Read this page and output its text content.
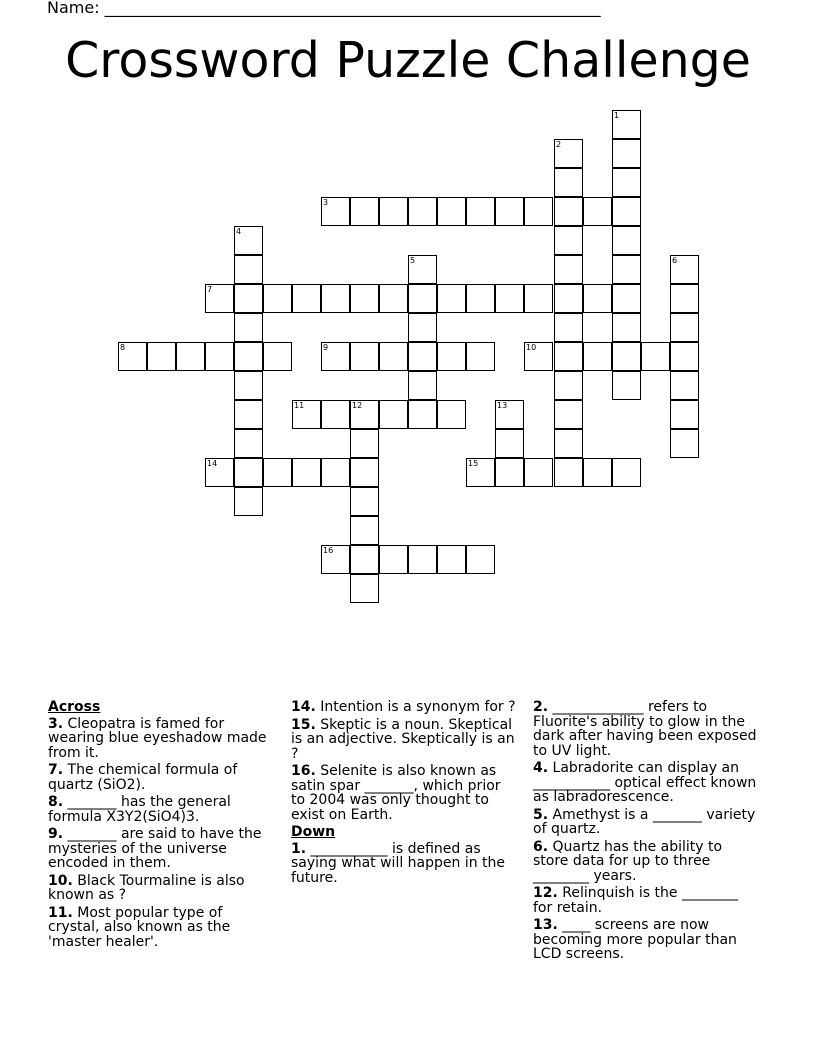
Name: ______________________________________________________________
Crossword Puzzle Challenge
1
2
3
4
5	6
7
8	9	10
11	12	13
14	15
16
Across
3. Cleopatra is famed for wearing blue eyeshadow made from it.
7. The chemical formula of quartz (SiO2).
8. _______ has the general formula X3Y2(SiO4)3.
9. _______ are said to have the mysteries of the universe encoded in them.
10. Black Tourmaline is also known as ?
11. Most popular type of crystal, also known as the 'master healer'.
14. Intention is a synonym for ?
15. Skeptic is a noun. Skeptical is an adjective. Skeptically is an ?
16. Selenite is also known as satin spar _______, which prior to 2004 was only thought to exist on Earth.
Down
1. ___________ is defined as saying what will happen in the future.
2. _____________ refers to Fluorite's ability to glow in the dark after having been exposed to UV light.
4. Labradorite can display an ___________ optical effect known as labradorescence.
5. Amethyst is a _______ variety of quartz.
6. Quartz has the ability to store data for up to three ________ years.
12. Relinquish is the ________ for retain.
13. ____ screens are now becoming more popular than LCD screens.
